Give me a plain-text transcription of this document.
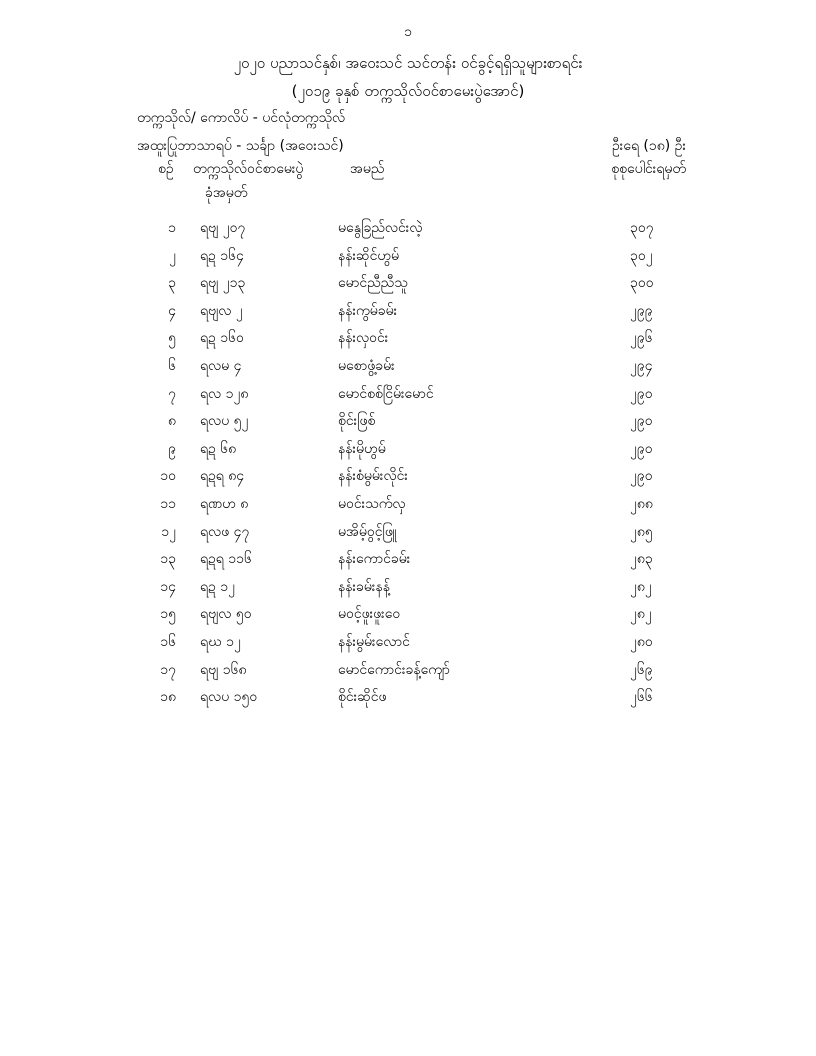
၁
၂၀၂၀ ပညာသင်နှစ်၊ အဝေးသင် သင်တန်း ဝင်ခွင့်ရရှိသူများစာရင်း
(၂၀၁၉ ခုနှစ် တက္ကသိုလ်ဝင်စာမေးပွဲအောင်)
တက္ကသိုလ်/ ကောလိပ် - ပင်လုံတက္ကသိုလ်
အထူးပြုဘာသာရပ် - သင်္ချာ (အဝေးသင်)	ဦးရေ (၁၈) ဦး
စဉ် တက္ကသိုလ်ဝင်စာမေးပွဲ
ခုံအမှတ်
အမည်	စုစုပေါင်းရမှတ်
၁ ရဗျ ၂၀၇	မနွေခြည်လင်းလဲ့	၃၀၇
၂ ရဍ ၁၆၄	နန်းဆိုင်ဟွမ်	၃၀၂
၃ ရဗျ ၂၁၃	မောင်ညီညီသူ	၃၀၀
၄ ရဗျလ ၂	နန်းကွမ်ခမ်း	၂၉၉
၅ ရဍ ၁၆၀	နန်းလှဝင်း	၂၉၆
၆ ရလမ ၄	မစောဖွံ့ခမ်း	၂၉၄
၇ ရလ ၁၂၈	မောင်စစ်ငြိမ်းမောင်	၂၉၀
၈ ရလပ ၅၂	စိုင်းဖြစ်	၂၉၀
၉ ရဍ ၆၈	နန်းမိုဟွမ်	၂၉၀
၁၀ ရဍရ ၈၄	နန်းစံမွမ်းလိုင်း	၂၉၀
၁၁ ရဏဟ ၈	မဝင်းသက်လှ	၂၈၈
၁၂ ရလဖ ၄၇	မအိမ့်ဝွင့်ဖြူ	၂၈၅
၁၃ ရဍရ ၁၁၆	နန်းကောင်ခမ်း	၂၈၃
၁၄ ရဍ ၁၂	နန်းခမ်းနန့်	၂၈၂
၁၅ ရဗျလ ၅၀	မဝင့်ဖူးဖူးဝေ	၂၈၂
၁၆ ရဃ ၁၂	နန်းမွမ်းလောင်	၂၈၀
၁၇ ရဗျ ၁၆၈	မောင်ကောင်းခန့်ကျော်	၂၆၉
၁၈ ရလပ ၁၅၀	စိုင်းဆိုင်ဖ	၂၆၆
